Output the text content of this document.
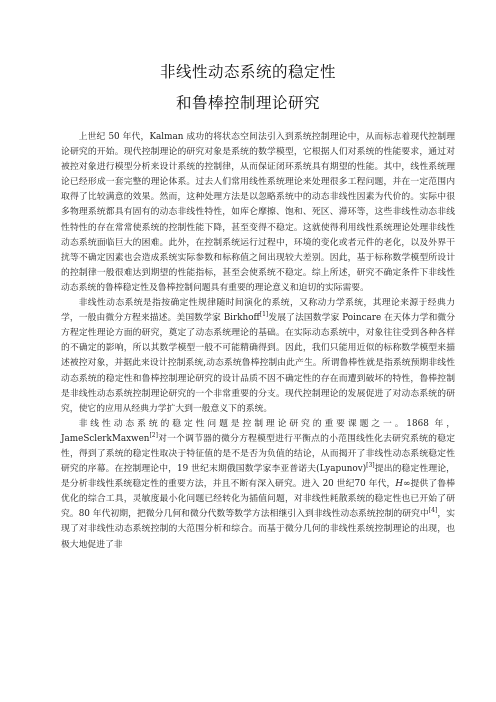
非线性动态系统的稳定性
和鲁棒控制理论研究

上世纪 50 年代，Kalman 成功的将状态空间法引入到系统控制理论中，从而标志着现代控制理论研究的开始。现代控制理论的研究对象是系统的数学模型，它根据人们对系统的性能要求，通过对被控对象进行模型分析来设计系统的控制律，从而保证闭环系统具有期望的性能。其中，线性系统理论已经形成一套完整的理论体系。过去人们常用线性系统理论来处理很多工程问题，并在一定范围内取得了比较满意的效果。然而，这种处理方法是以忽略系统中的动态非线性因素为代价的。实际中很多物理系统都具有固有的动态非线性特性，如库仑摩擦、饱和、死区、滞环等，这些非线性动态非线性特性的存在常常使系统的控制性能下降，甚至变得不稳定。这就使得利用线性系统理论处理非线性动态系统面临巨大的困难。此外，在控制系统运行过程中，环境的变化或者元件的老化，以及外界干扰等不确定因素也会造成系统实际参数和标称值之间出现较大差别。因此，基于标称数学模型所设计的控制律一般很难达到期望的性能指标，甚至会使系统不稳定。综上所述，研究不确定条件下非线性动态系统的鲁棒稳定性及鲁棒控制问题具有重要的理论意义和迫切的实际需要。

非线性动态系统是指按确定性规律随时间演化的系统，又称动力学系统，其理论来源于经典力学，一般由微分方程来描述。美国数学家 Birkhoff[1]发展了法国数学家 Poincare 在天体力学和微分方程定性理论方面的研究，奠定了动态系统理论的基础。在实际动态系统中，对象往往受到各种各样的不确定的影响，所以其数学模型一般不可能精确得到。因此，我们只能用近似的标称数学模型来描述被控对象，并据此来设计控制系统,动态系统鲁棒控制由此产生。所谓鲁棒性就是指系统预期非线性动态系统的稳定性和鲁棒控制理论研究的设计品质不因不确定性的存在而遭到破坏的特性，鲁棒控制是非线性动态系统控制理论研究的一个非常重要的分支。现代控制理论的发展促进了对动态系统的研究，使它的应用从经典力学扩大到一般意义下的系统。

非线性动态系统的稳定性问题是控制理论研究的重要课题之一。1868 年，JameSclerkMaxwen[2]对一个调节器的微分方程模型进行平衡点的小范围线性化去研究系统的稳定性，得到了系统的稳定性取决于特征值的是不是否为负值的结论，从而揭开了非线性动态系统稳定性研究的序幕。在控制理论中，19 世纪末期俄国数学家李亚普诺夫(Lyapunov)[3]提出的稳定性理论，是分析非线性系统稳定性的重要方法，并且不断有深入研究。进入 20 世纪70 年代，H∞提供了鲁棒优化的综合工具，灵敏度最小化问题已经转化为插值问题，对非线性耗散系统的稳定性也已开始了研究。80 年代初期，把微分几何和微分代数等数学方法相继引入到非线性动态系统控制的研究中[4]，实现了对非线性动态系统控制的大范围分析和综合。而基于微分几何的非线性系统控制理论的出现，也极大地促进了非
